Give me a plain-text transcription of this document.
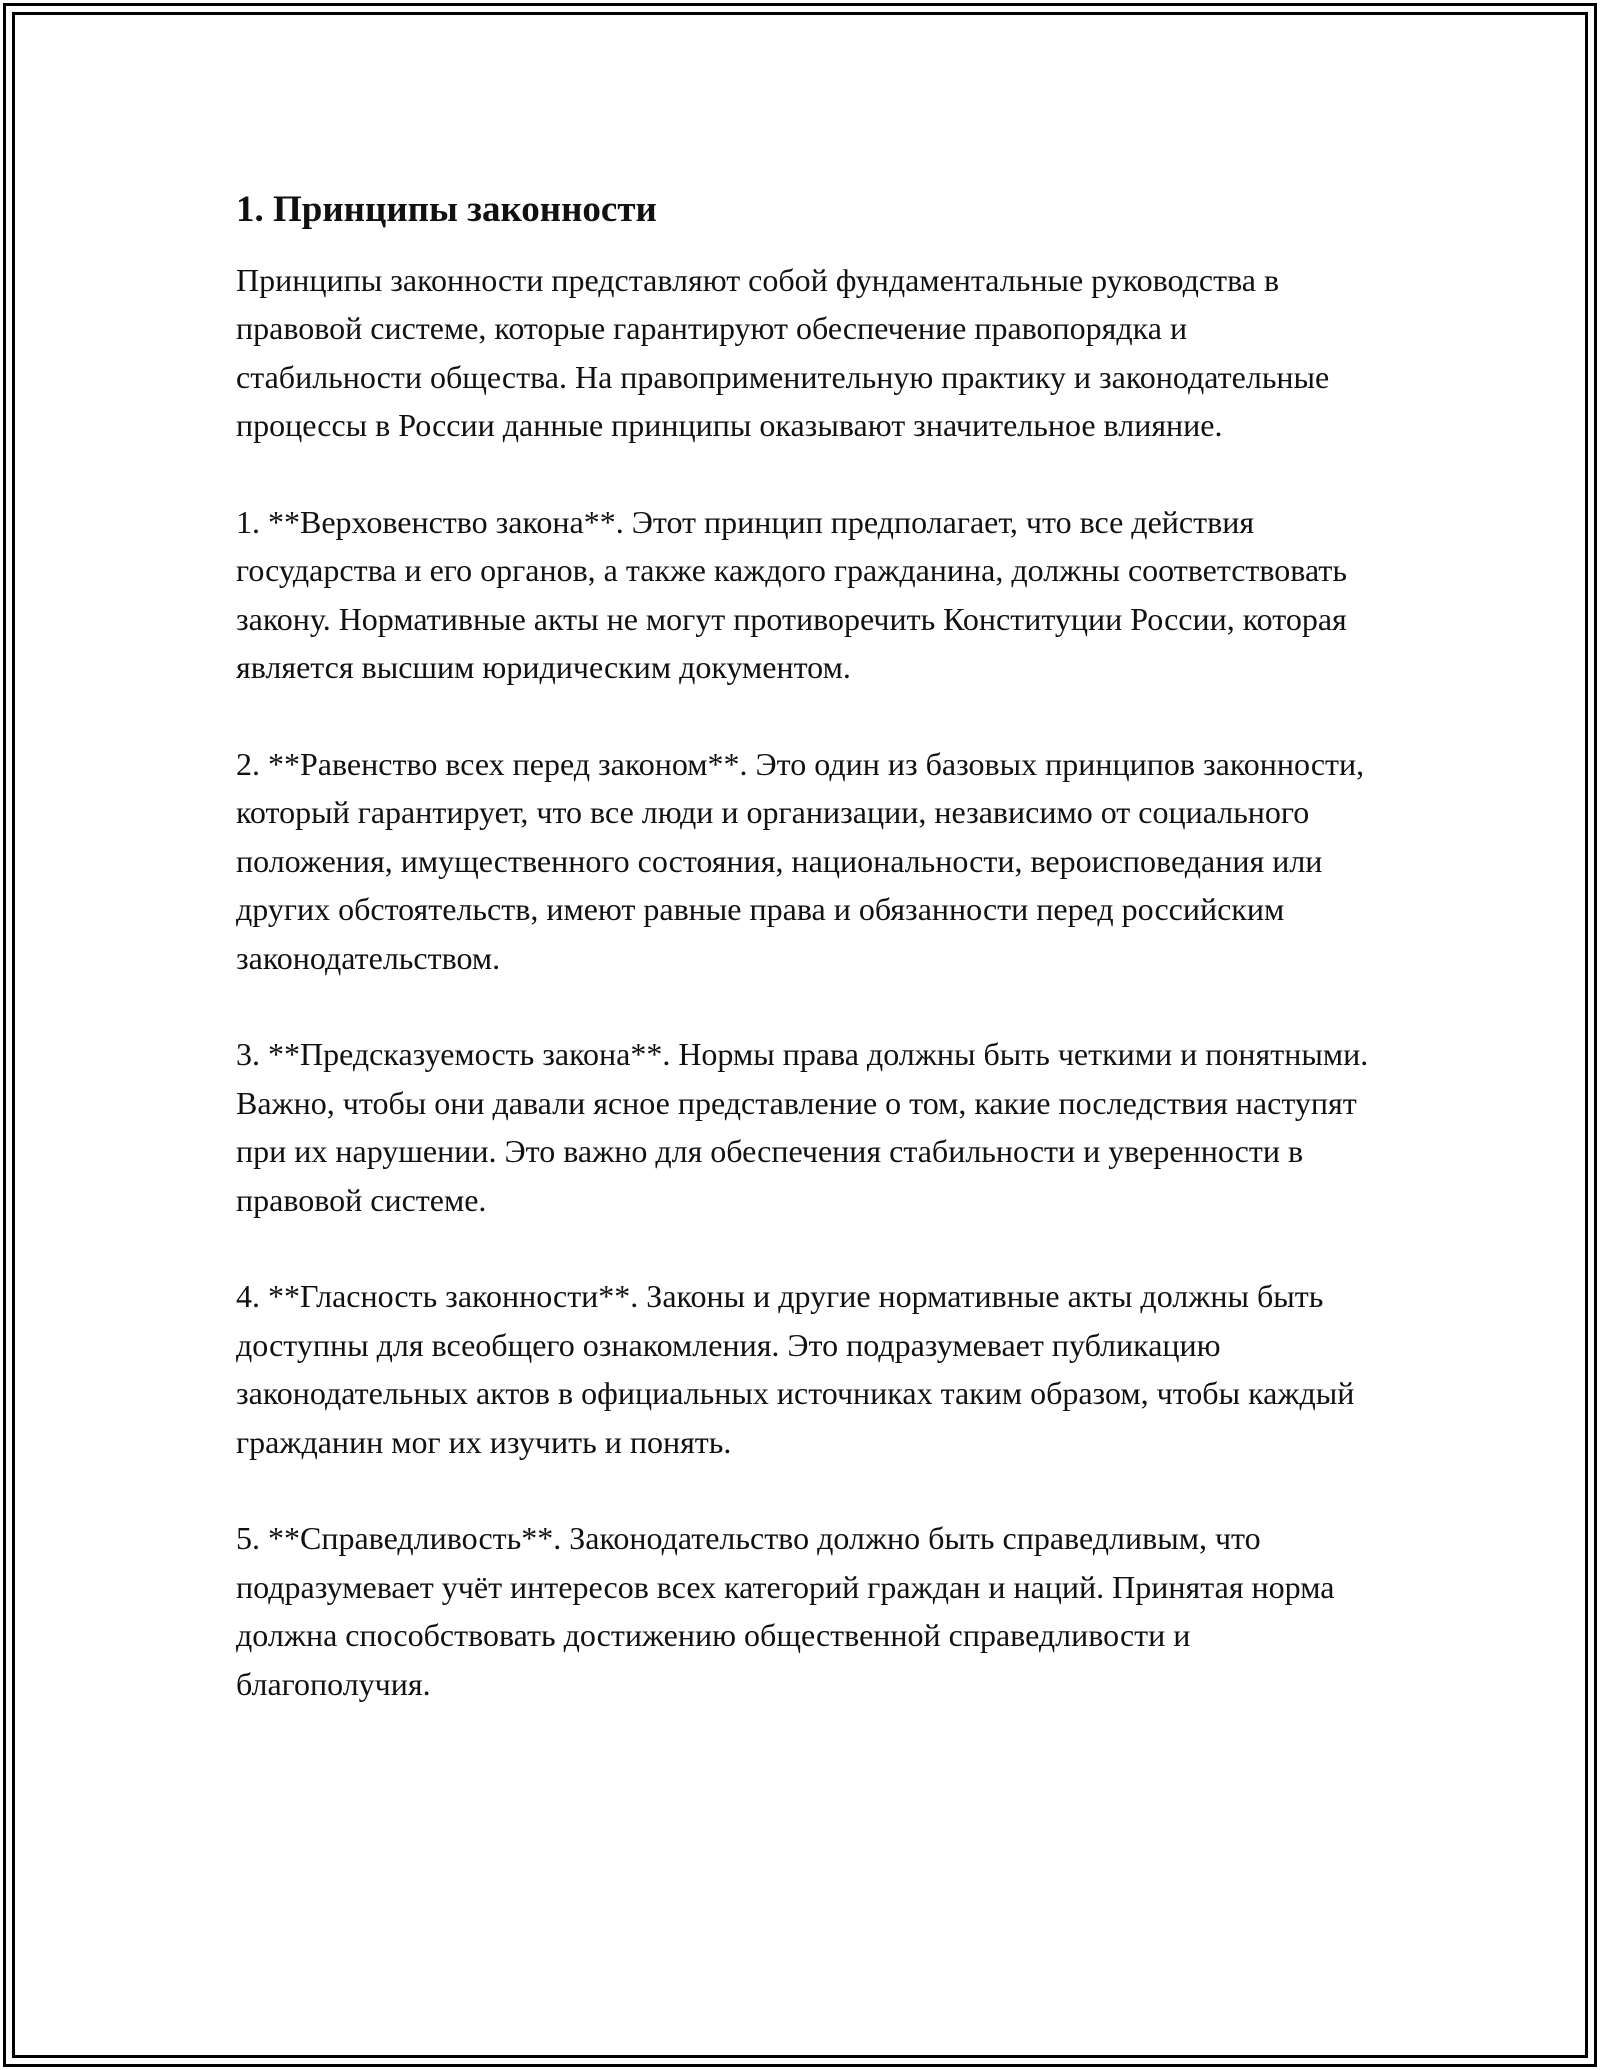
1. Принципы законности

Принципы законности представляют собой фундаментальные руководства в правовой системе, которые гарантируют обеспечение правопорядка и стабильности общества. На правоприменительную практику и законодательные процессы в России данные принципы оказывают значительное влияние.

1. **Верховенство закона**. Этот принцип предполагает, что все действия государства и его органов, а также каждого гражданина, должны соответствовать закону. Нормативные акты не могут противоречить Конституции России, которая является высшим юридическим документом.

2. **Равенство всех перед законом**. Это один из базовых принципов законности, который гарантирует, что все люди и организации, независимо от социального положения, имущественного состояния, национальности, вероисповедания или других обстоятельств, имеют равные права и обязанности перед российским законодательством.

3. **Предсказуемость закона**. Нормы права должны быть четкими и понятными. Важно, чтобы они давали ясное представление о том, какие последствия наступят при их нарушении. Это важно для обеспечения стабильности и уверенности в правовой системе.

4. **Гласность законности**. Законы и другие нормативные акты должны быть доступны для всеобщего ознакомления. Это подразумевает публикацию законодательных актов в официальных источниках таким образом, чтобы каждый гражданин мог их изучить и понять.

5. **Справедливость**. Законодательство должно быть справедливым, что подразумевает учёт интересов всех категорий граждан и наций. Принятая норма должна способствовать достижению общественной справедливости и благополучия.
